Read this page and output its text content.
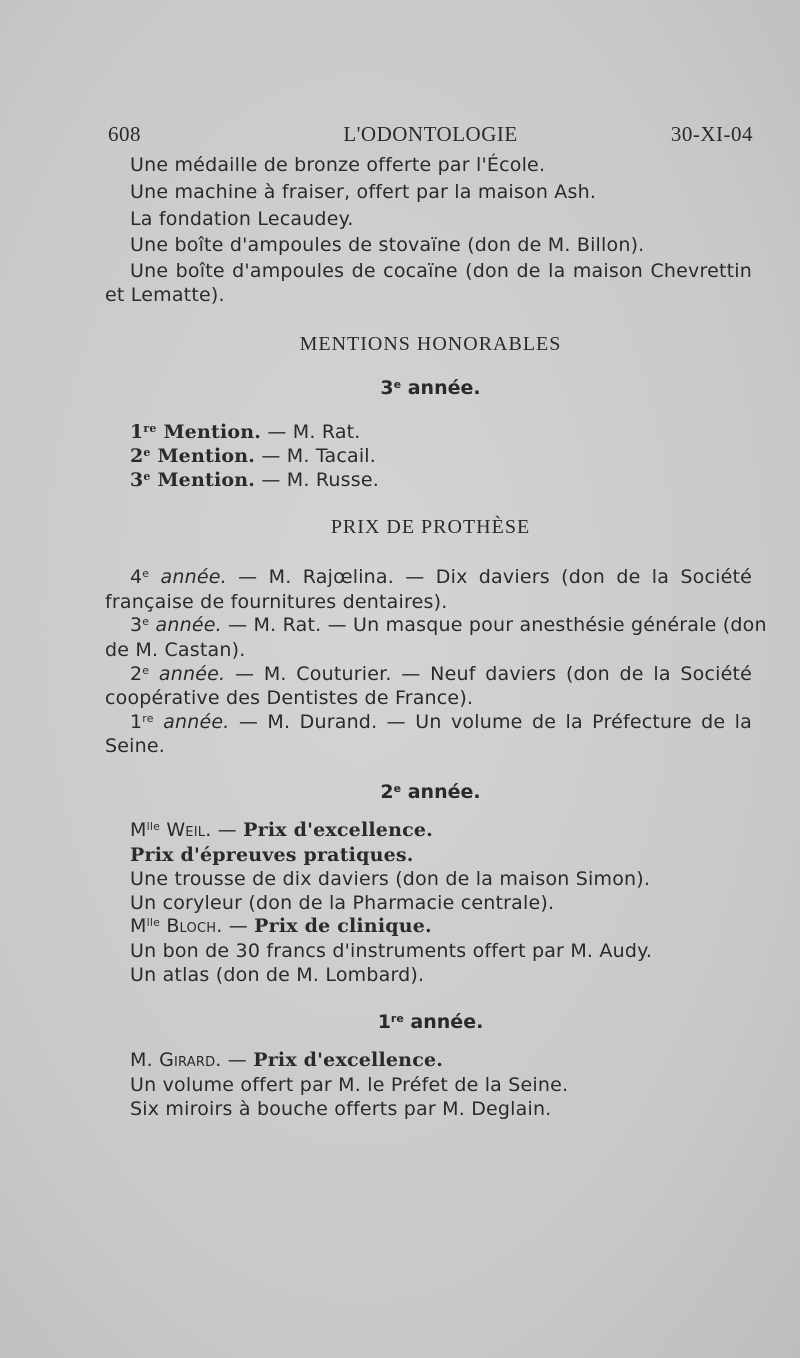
608	L'ODONTOLOGIE	30-XI-04
Une médaille de bronze offerte par l'École.
Une machine à fraiser, offert par la maison Ash.
La fondation Lecaudey.
Une boîte d'ampoules de stovaïne (don de M. Billon).
Une boîte d'ampoules de cocaïne (don de la maison Chevrettin
et Lematte).
MENTIONS HONORABLES
3e année.
1re Mention. — M. Rat.
2e Mention. — M. Tacail.
3e Mention. — M. Russe.
PRIX DE PROTHÈSE
4e année. — M. Rajœlina. — Dix daviers (don de la Société
française de fournitures dentaires).
3e année. — M. Rat. — Un masque pour anesthésie générale (don
de M. Castan).
2e année. — M. Couturier. — Neuf daviers (don de la Société
coopérative des Dentistes de France).
1re année. — M. Durand. — Un volume de la Préfecture de la
Seine.
2e année.
$M^{lle}$ Weil. — Prix d'excellence.
Prix d'épreuves pratiques.
Une trousse de dix daviers (don de la maison Simon).
Un coryleur (don de la Pharmacie centrale).
$M^{lle}$ Bloch. — Prix de clinique.
Un bon de 30 francs d'instruments offert par M. Audy.
Un atlas (don de M. Lombard).
1re année.
M. Girard. — Prix d'excellence.
Un volume offert par M. le Préfet de la Seine.
Six miroirs à bouche offerts par M. Deglain.
